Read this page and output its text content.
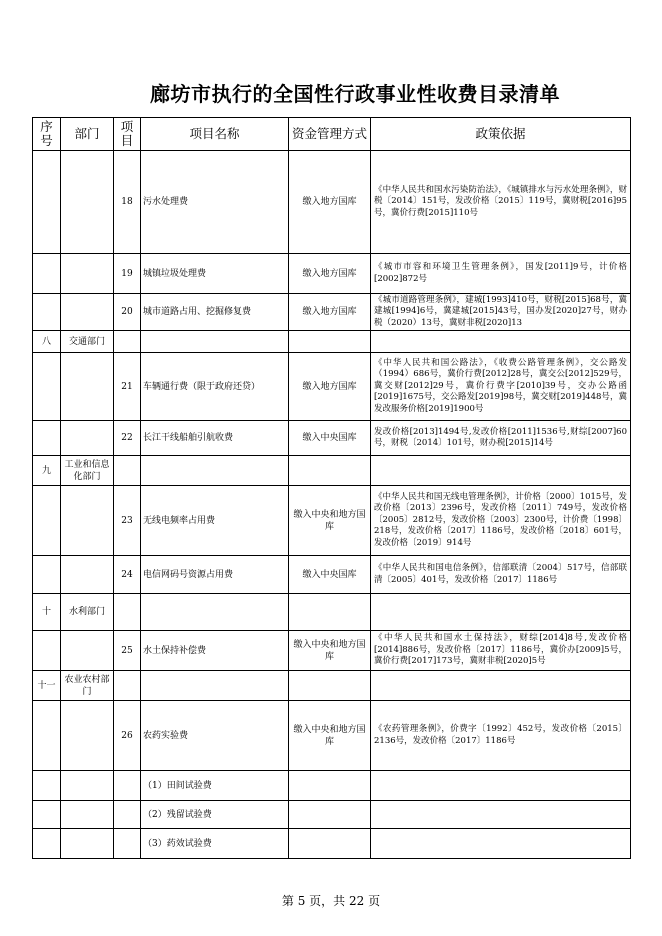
廊坊市执行的全国性行政事业性收费目录清单
序号	部门	项目	项目名称	资金管理方式	政策依据
		18	污水处理费	缴入地方国库	《中华人民共和国水污染防治法》，《城镇排水与污水处理条例》，财税〔2014〕151号，发改价格〔2015〕119号，冀财税[2016]95号，冀价行费[2015]110号
		19	城镇垃圾处理费	缴入地方国库	《城市市容和环境卫生管理条例》，国发[2011]9号，计价格[2002]872号
		20	城市道路占用、挖掘修复费	缴入地方国库	《城市道路管理条例》，建城[1993]410号，财税[2015]68号，冀建城[1994]6号，冀建城[2015]43号，国办发[2020]27号，财办税（2020）13号，冀财非税[2020]13
八	交通部门				
		21	车辆通行费（限于政府还贷）	缴入地方国库	《中华人民共和国公路法》，《收费公路管理条例》，交公路发（1994）686号，冀价行费[2012]28号，冀交公[2012]529号，冀交财[2012]29号，冀价行费字[2010]39号，交办公路函[2019]1675号，交公路发[2019]98号，冀交财[2019]448号，冀发改服务价格[2019]1900号
		22	长江干线船舶引航收费	缴入中央国库	发改价格[2013]1494号,发改价格[2011]1536号,财综[2007]60号，财税〔2014〕101号，财办税[2015]14号
九	工业和信息化部门				
		23	无线电频率占用费	缴入中央和地方国库	《中华人民共和国无线电管理条例》，计价格〔2000〕1015号，发改价格〔2013〕2396号，发改价格〔2011〕749号，发改价格〔2005〕2812号，发改价格〔2003〕2300号，计价费〔1998〕218号，发改价格〔2017〕1186号，发改价格〔2018〕601号，发改价格〔2019〕914号
		24	电信网码号资源占用费	缴入中央国库	《中华人民共和国电信条例》，信部联清〔2004〕517号，信部联清〔2005〕401号，发改价格〔2017〕1186号
十	水利部门				
		25	水土保持补偿费	缴入中央和地方国库	《中华人民共和国水土保持法》，财综[2014]8号,发改价格[2014]886号，发改价格〔2017〕1186号，冀价办[2009]5号，冀价行费[2017]173号，冀财非税[2020]5号
十一	农业农村部门				
		26	农药实验费	缴入中央和地方国库	《农药管理条例》，价费字〔1992〕452号，发改价格〔2015〕2136号，发改价格〔2017〕1186号
			（1）田间试验费		
			（2）残留试验费		
			（3）药效试验费		
第 5 页，共 22 页
